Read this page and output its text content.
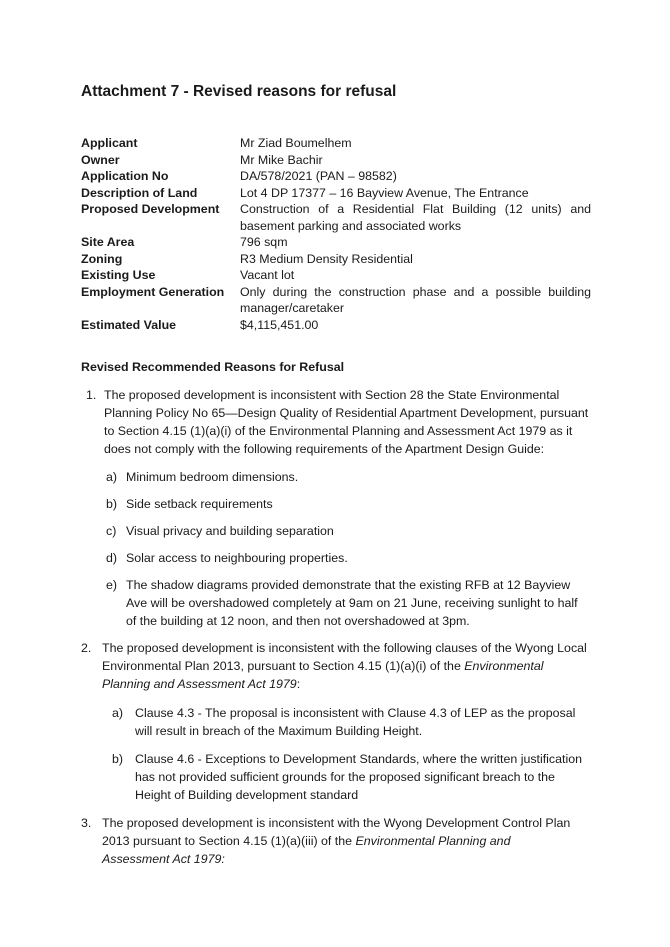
Attachment 7 - Revised reasons for refusal
Applicant	Mr Ziad Boumelhem
Owner	Mr Mike Bachir
Application No	DA/578/2021 (PAN – 98582)
Description of Land	Lot 4 DP 17377 – 16 Bayview Avenue, The Entrance
Proposed Development	Construction of a Residential Flat Building (12 units) and basement parking and associated works
Site Area	796 sqm
Zoning	R3 Medium Density Residential
Existing Use	Vacant lot
Employment Generation	Only during the construction phase and a possible building manager/caretaker
Estimated Value	$4,115,451.00
Revised Recommended Reasons for Refusal
1. The proposed development is inconsistent with Section 28 the State Environmental Planning Policy No 65—Design Quality of Residential Apartment Development, pursuant to Section 4.15 (1)(a)(i) of the Environmental Planning and Assessment Act 1979 as it does not comply with the following requirements of the Apartment Design Guide:
a) Minimum bedroom dimensions.
b) Side setback requirements
c) Visual privacy and building separation
d) Solar access to neighbouring properties.
e) The shadow diagrams provided demonstrate that the existing RFB at 12 Bayview Ave will be overshadowed completely at 9am on 21 June, receiving sunlight to half of the building at 12 noon, and then not overshadowed at 3pm.
2. The proposed development is inconsistent with the following clauses of the Wyong Local Environmental Plan 2013, pursuant to Section 4.15 (1)(a)(i) of the Environmental Planning and Assessment Act 1979:
a) Clause 4.3 - The proposal is inconsistent with Clause 4.3 of LEP as the proposal will result in breach of the Maximum Building Height.
b) Clause 4.6 - Exceptions to Development Standards, where the written justification has not provided sufficient grounds for the proposed significant breach to the Height of Building development standard
3. The proposed development is inconsistent with the Wyong Development Control Plan 2013 pursuant to Section 4.15 (1)(a)(iii) of the Environmental Planning and Assessment Act 1979:
